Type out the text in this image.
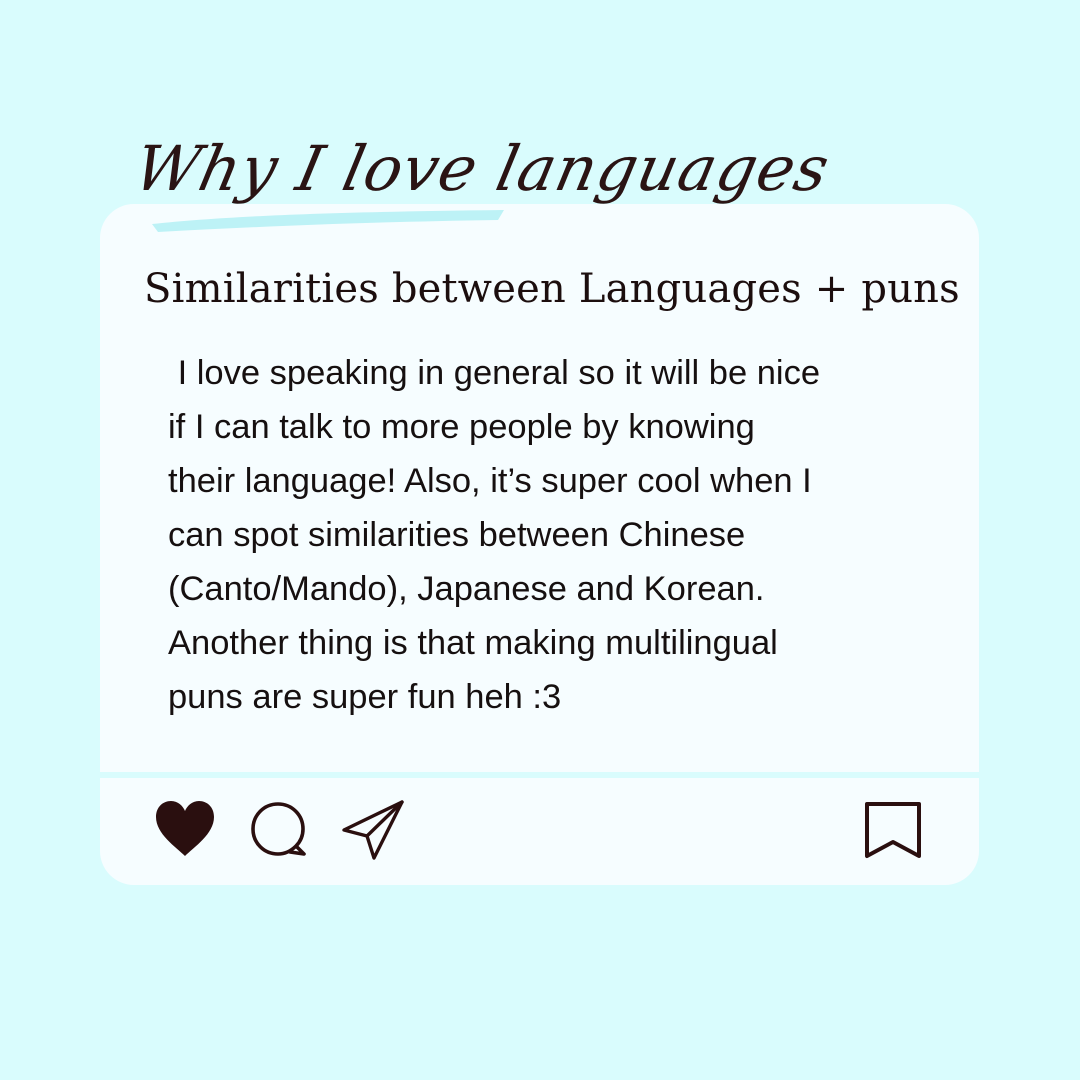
Why I love languages
Similarities between Languages + puns
I love speaking in general so it will be nice
if I can talk to more people by knowing
their language! Also, it’s super cool when I
can spot similarities between Chinese
(Canto/Mando), Japanese and Korean.
Another thing is that making multilingual
puns are super fun heh :3
